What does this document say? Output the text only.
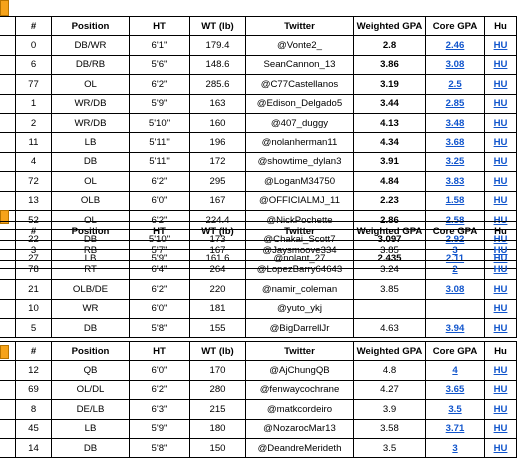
	#	Position	HT	WT (lb)	Twitter	Weighted GPA	Core GPA	Hu
	0	DB/WR	6'1"	179.4	@Vonte2_	2.8	2.46	HU
	6	DB/RB	5'6"	148.6	SeanCannon_13	3.86	3.08	HU
	77	OL	6'2"	285.6	@C77Castellanos	3.19	2.5	HU
	1	WR/DB	5'9"	163	@Edison_Delgado5	3.44	2.85	HU
	2	WR/DB	5'10"	160	@407_duggy	4.13	3.48	HU
	11	LB	5'11"	196	@nolanherman11	4.34	3.68	HU
	4	DB	5'11"	172	@showtime_dylan3	3.91	3.25	HU
	72	OL	6'2"	295	@LoganM34750	4.84	3.83	HU
	13	OLB	6'0"	167	@OFFICIALMJ_11	2.23	1.58	HU
	52	OL	6'2"	224.4	@NickPochette	2.86	2.58	HU
	22	DB	5'10"	173	@Chakai_Scott7	3.097	2.92	HU
	27	LB	5'9"	161.6	@nolant_27	2.435	2.11	HU
	#	Position	HT	WT (lb)	Twitter	Weighted GPA	Core GPA	Hu
	3	RB	5'7"	167	@Jaysmoove334	3.85	3	HU
	78	RT	6'4"	264	@LopezBarry64643	3.24	2	HU
	21	OLB/DE	6'2"	220	@namir_coleman	3.85	3.08	HU
	10	WR	6'0"	181	@yuto_ykj			HU
	5	DB	5'8"	155	@BigDarrellJr	4.63	3.94	HU
	#	Position	HT	WT (lb)	Twitter	Weighted GPA	Core GPA	Hu
	12	QB	6'0"	170	@AjChungQB	4.8	4	HU
	69	OL/DL	6'2"	280	@fenwaycochrane	4.27	3.65	HU
	8	DE/LB	6'3"	215	@matkcordeiro	3.9	3.5	HU
	45	LB	5'9"	180	@NozarocMar13	3.58	3.71	HU
	14	DB	5'8"	150	@DeandreMerideth	3.5	3	HU
